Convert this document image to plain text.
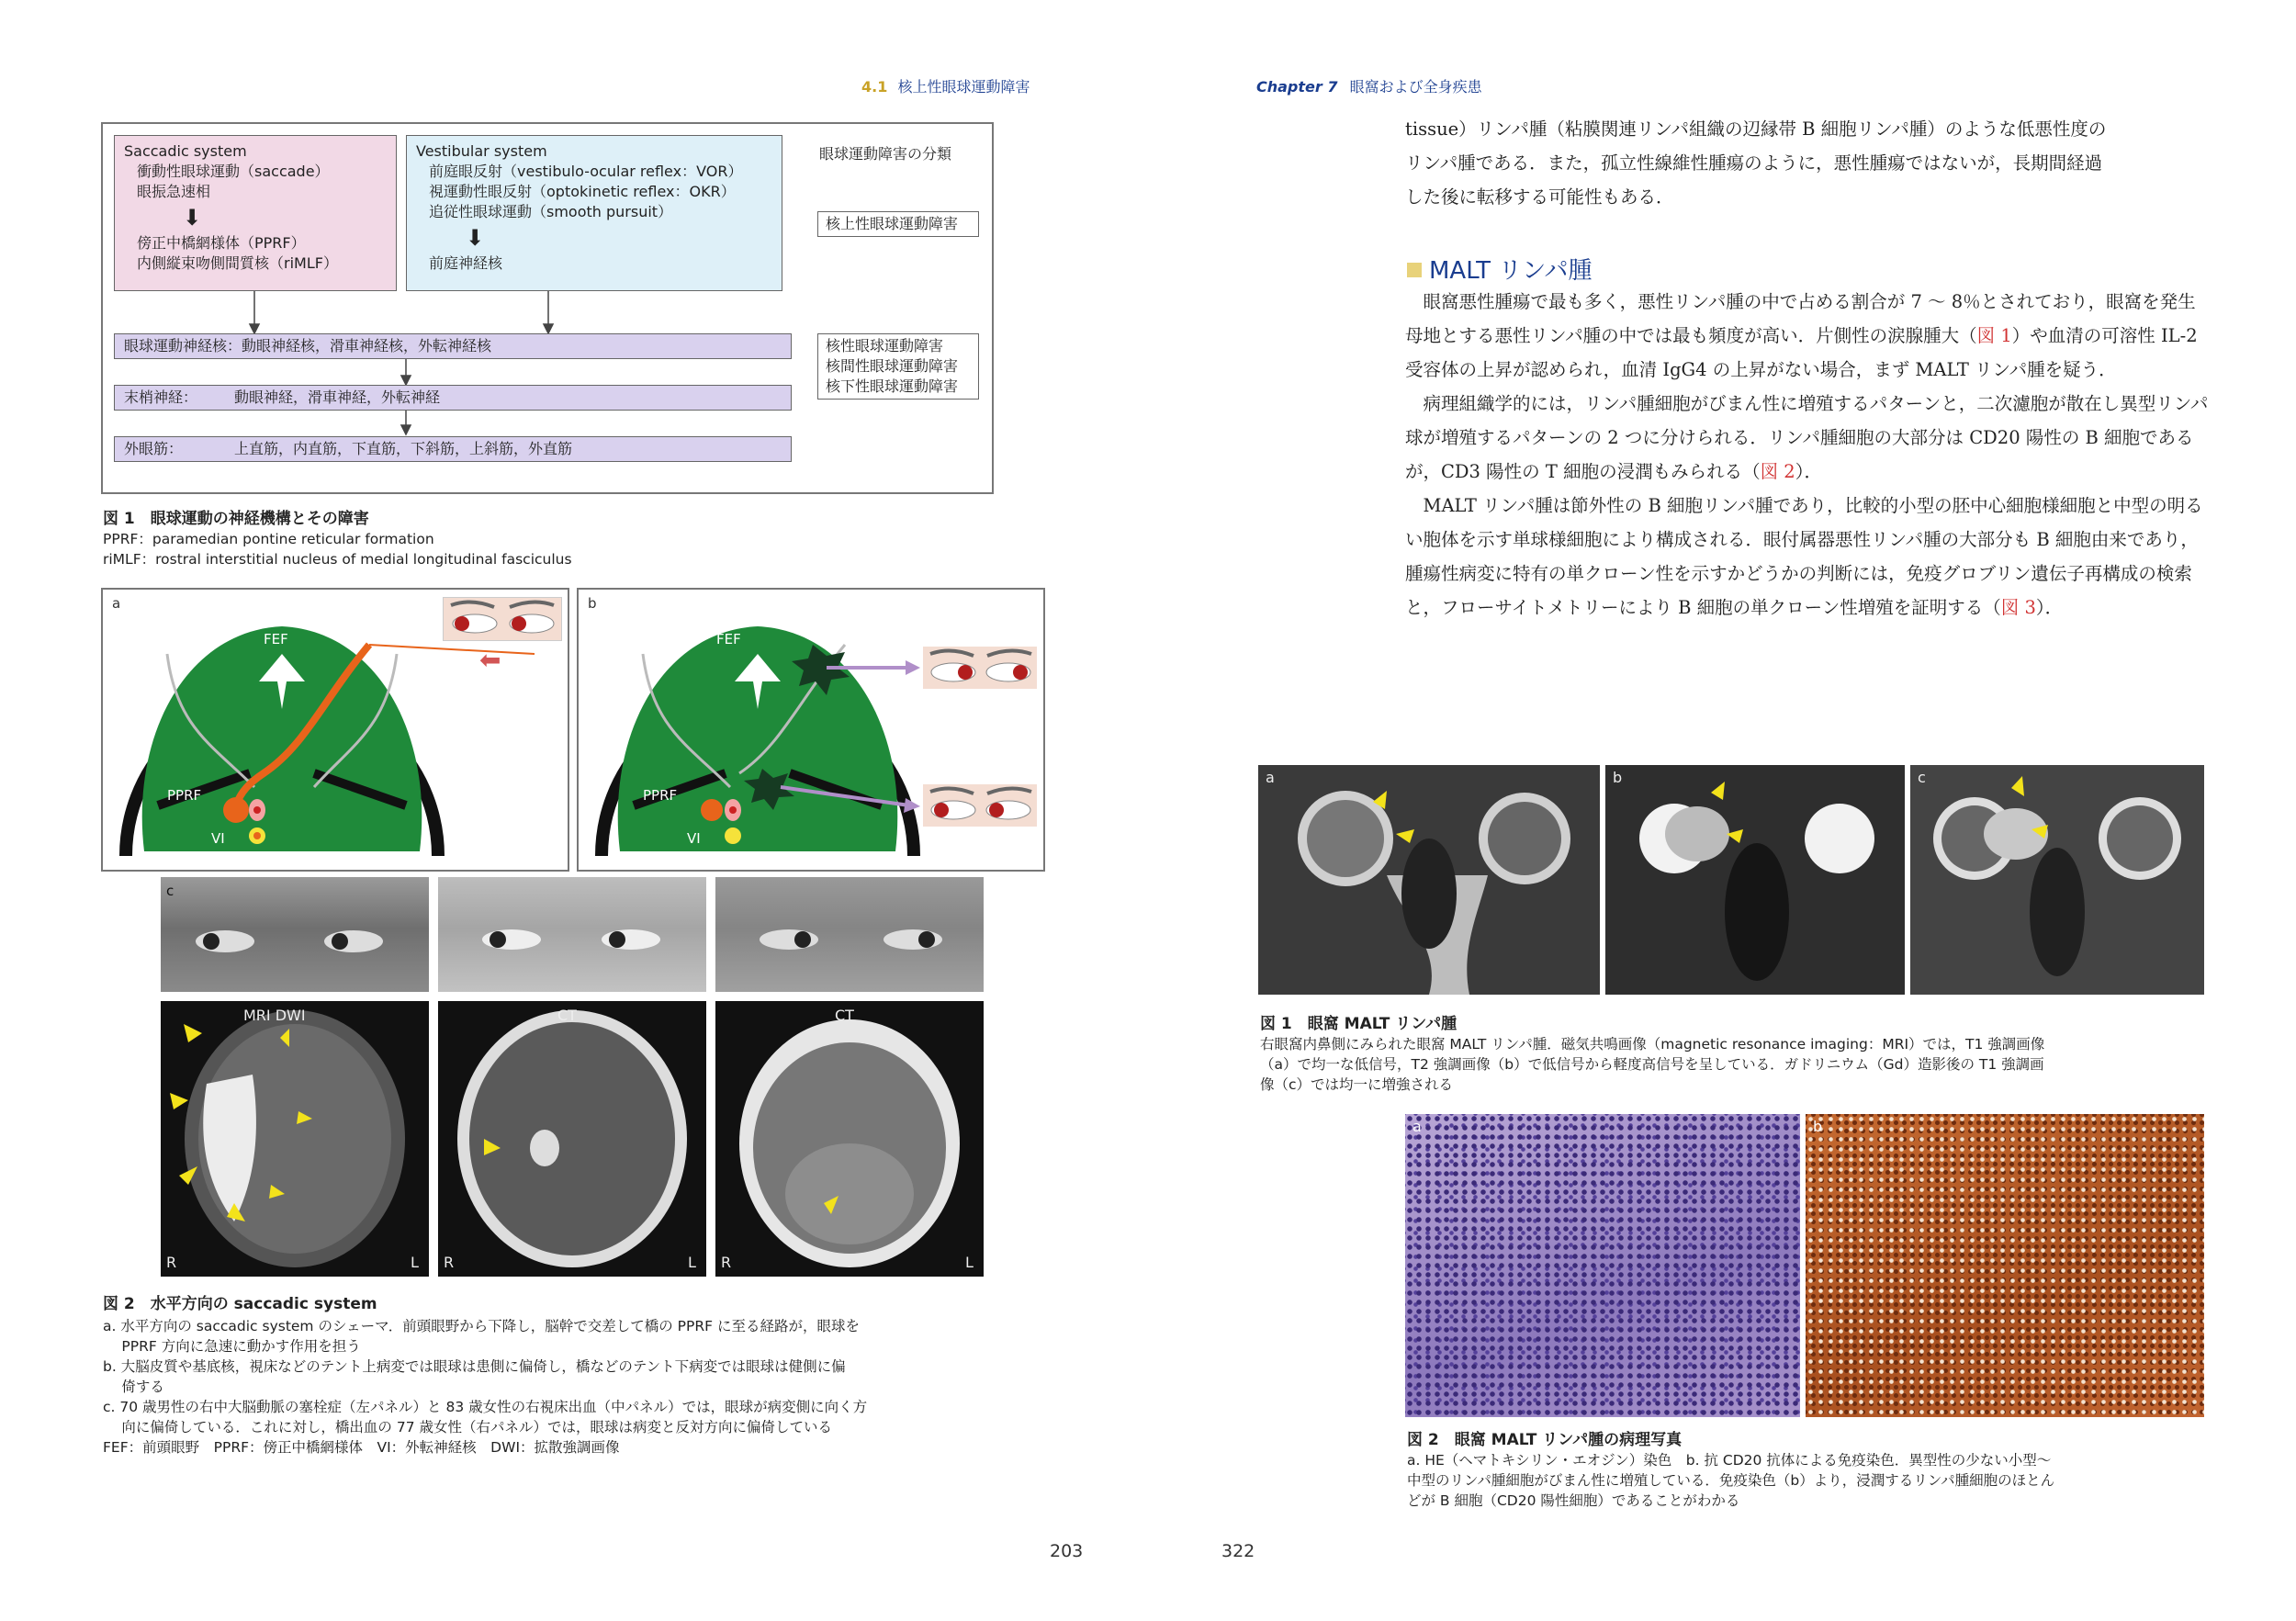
4.1 核上性眼球運動障害
Saccadic system
衝動性眼球運動（saccade）
眼振急速相
⬇
傍正中橋網様体（PPRF）
内側縦束吻側間質核（riMLF）
Vestibular system
前庭眼反射（vestibulo-ocular reflex：VOR）
視運動性眼反射（optokinetic reflex：OKR）
追従性眼球運動（smooth pursuit）
⬇
前庭神経核
眼球運動障害の分類
核上性眼球運動障害
核性眼球運動障害
核間性眼球運動障害
核下性眼球運動障害
眼球運動神経核：動眼神経核，滑車神経核，外転神経核
末梢神経：　　　動眼神経，滑車神経，外転神経
外眼筋：　　　　上直筋，内直筋，下直筋，下斜筋，上斜筋，外直筋
図 1　眼球運動の神経機構とその障害
PPRF：paramedian pontine reticular formation
riMLF：rostral interstitial nucleus of medial longitudinal fasciculus
a
FEF
PPRF
VI
⬅
b
FEF
PPRF
VI
c
MRI DWI
R	L
CT
R	L
CT
R	L
図 2　水平方向の saccadic system
a. 水平方向の saccadic system のシェーマ．前頭眼野から下降し，脳幹で交差して橋の PPRF に至る経路が，眼球を
　 PPRF 方向に急速に動かす作用を担う
b. 大脳皮質や基底核，視床などのテント上病変では眼球は患側に偏倚し，橋などのテント下病変では眼球は健側に偏
　 倚する
c. 70 歳男性の右中大脳動脈の塞栓症（左パネル）と 83 歳女性の右視床出血（中パネル）では，眼球が病変側に向く方
　 向に偏倚している．これに対し，橋出血の 77 歳女性（右パネル）では，眼球は病変と反対方向に偏倚している
FEF：前頭眼野　PPRF：傍正中橋網様体　VI：外転神経核　DWI：拡散強調画像
203
Chapter 7 眼窩および全身疾患
tissue）リンパ腫（粘膜関連リンパ組織の辺縁帯 B 細胞リンパ腫）のような低悪性度の
リンパ腫である．また，孤立性線維性腫瘍のように，悪性腫瘍ではないが，長期間経過
した後に転移する可能性もある．
MALT リンパ腫

眼窩悪性腫瘍で最も多く，悪性リンパ腫の中で占める割合が 7 ～ 8％とされており，眼窩を発生母地とする悪性リンパ腫の中では最も頻度が高い．片側性の涙腺腫大（図 1）や血清の可溶性 IL-2 受容体の上昇が認められ，血清 IgG4 の上昇がない場合，まず MALT リンパ腫を疑う．

病理組織学的には，リンパ腫細胞がびまん性に増殖するパターンと，二次濾胞が散在し異型リンパ球が増殖するパターンの 2 つに分けられる．リンパ腫細胞の大部分は CD20 陽性の B 細胞であるが，CD3 陽性の T 細胞の浸潤もみられる（図 2）．

MALT リンパ腫は節外性の B 細胞リンパ腫であり，比較的小型の胚中心細胞様細胞と中型の明るい胞体を示す単球様細胞により構成される．眼付属器悪性リンパ腫の大部分も B 細胞由来であり，腫瘍性病変に特有の単クローン性を示すかどうかの判断には，免疫グロブリン遺伝子再構成の検索と，フローサイトメトリーにより B 細胞の単クローン性増殖を証明する（図 3）．

a	b	c
図 1　眼窩 MALT リンパ腫
右眼窩内鼻側にみられた眼窩 MALT リンパ腫．磁気共鳴画像（magnetic resonance imaging：MRI）では，T1 強調画像
（a）で均一な低信号，T2 強調画像（b）で低信号から軽度高信号を呈している．ガドリニウム（Gd）造影後の T1 強調画
像（c）では均一に増強される
a	b
図 2　眼窩 MALT リンパ腫の病理写真
a. HE（ヘマトキシリン・エオジン）染色　b. 抗 CD20 抗体による免疫染色．異型性の少ない小型～
中型のリンパ腫細胞がびまん性に増殖している．免疫染色（b）より，浸潤するリンパ腫細胞のほとん
どが B 細胞（CD20 陽性細胞）であることがわかる
322
